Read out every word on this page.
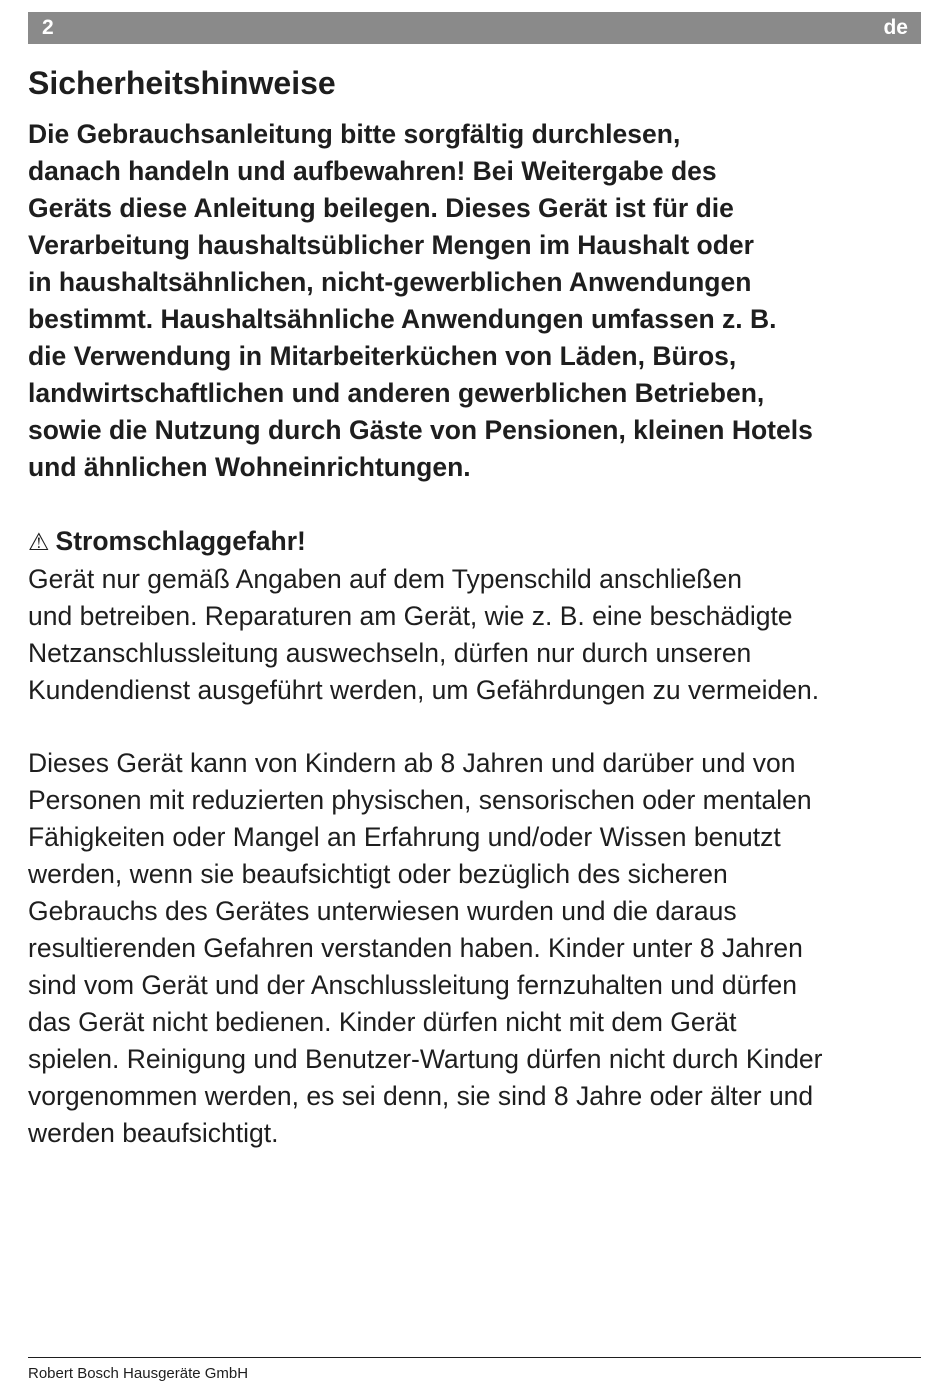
2	de
Sicherheitshinweise

Die Gebrauchsanleitung bitte sorgfältig durchlesen,
danach handeln und aufbewahren! Bei Weitergabe des
Geräts diese Anleitung beilegen. Dieses Gerät ist für die
Verarbeitung haushaltsüblicher Mengen im Haushalt oder
in haushaltsähnlichen, nicht-gewerblichen Anwendungen
bestimmt. Haushaltsähnliche Anwendungen umfassen z. B.
die Verwendung in Mitarbeiterküchen von Läden, Büros,
landwirtschaftlichen und anderen gewerblichen Betrieben,
sowie die Nutzung durch Gäste von Pensionen, kleinen Hotels
und ähnlichen Wohneinrichtungen.

⚠ Stromschlaggefahr!

Gerät nur gemäß Angaben auf dem Typenschild anschließen
und betreiben. Reparaturen am Gerät, wie z. B. eine beschädigte
Netzanschlussleitung auswechseln, dürfen nur durch unseren
Kundendienst ausgeführt werden, um Gefährdungen zu vermeiden.

Dieses Gerät kann von Kindern ab 8 Jahren und darüber und von
Personen mit reduzierten physischen, sensorischen oder mentalen
Fähigkeiten oder Mangel an Erfahrung und/oder Wissen benutzt
werden, wenn sie beaufsichtigt oder bezüglich des sicheren
Gebrauchs des Gerätes unterwiesen wurden und die daraus
resultierenden Gefahren verstanden haben. Kinder unter 8 Jahren
sind vom Gerät und der Anschlussleitung fernzuhalten und dürfen
das Gerät nicht bedienen. Kinder dürfen nicht mit dem Gerät
spielen. Reinigung und Benutzer-Wartung dürfen nicht durch Kinder
vorgenommen werden, es sei denn, sie sind 8 Jahre oder älter und
werden beaufsichtigt.

Robert Bosch Hausgeräte GmbH
